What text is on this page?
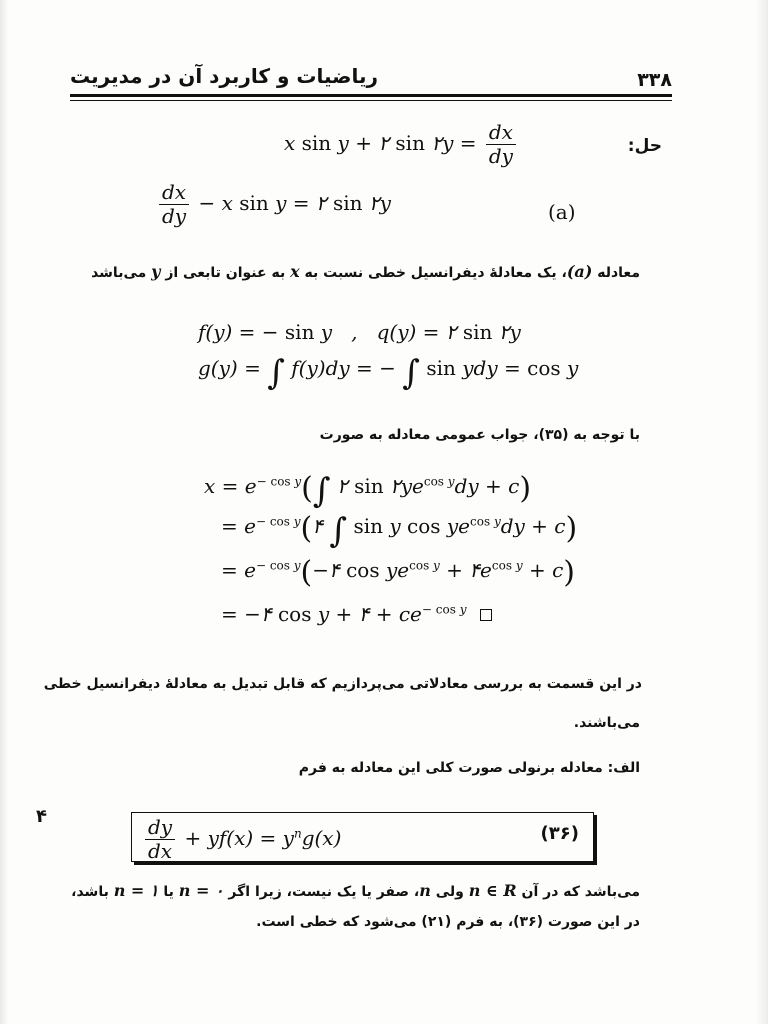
۳۳۸
ریاضیات و کاربرد آن در مدیریت
حل:
x sin y + ۲ sin ۲y = $\frac{dx}{dy}$
$\frac{dx}{dy} - x$ sin y = ۲ sin ۲y	(a)
معادله (a)، یک معادلهٔ دیفرانسیل خطی نسبت به x به عنوان تابعی از y می‌باشد
f(y) = − sin y   ,   q(y) = ۲ sin ۲y
g(y) = ∫ f(y)dy = − ∫ sin ydy = cos y
با توجه به (۳۵)، جواب عمومی معادله به صورت
$x = e^{- cos y}(\int$ ۲ $\sin ۲ye^{cos y}dy + c$)
= $e^{- cos y}(۴$ ∫ sin y $\cos ye^{cos y}dy + c$)
= $e^{- cos y}(-۴$ $\cos ye^{cos y}$ + $۴e^{cos y} + c$)
= −۴ cos y + ۴ + $ce^{- cos y}$
در این قسمت به بررسی معادلاتی می‌پردازیم که قابل تبدیل به معادلهٔ دیفرانسیل خطی
می‌باشند.
الف: معادله برنولی صورت کلی این معادله به فرم
۴
$\frac{dy}{dx} + yf(x) = y^ng(x)$	(۳۶)
می‌باشد که در آن n ∈ R ولی n، صفر یا یک نیست، زیرا اگر n = ۰ یا n = ۱ باشد،
در این صورت (۳۶)، به فرم (۲۱) می‌شود که خطی است.
